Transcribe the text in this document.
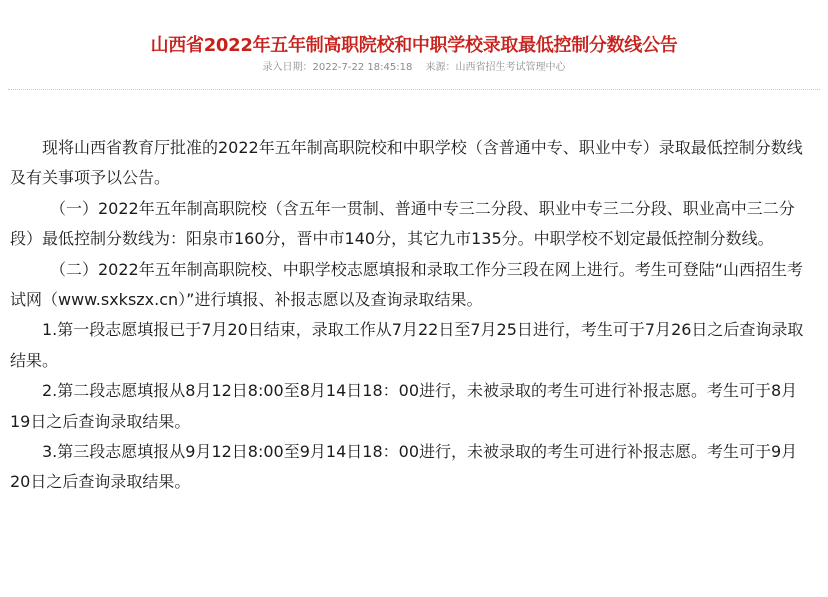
山西省2022年五年制高职院校和中职学校录取最低控制分数线公告
录入日期：2022-7-22 18:45:18 来源：山西省招生考试管理中心

现将山西省教育厅批准的2022年五年制高职院校和中职学校（含普通中专、职业中专）录取最低控制分数线及有关事项予以公告。

（一）2022年五年制高职院校（含五年一贯制、普通中专三二分段、职业中专三二分段、职业高中三二分段）最低控制分数线为：阳泉市160分，晋中市140分，其它九市135分。中职学校不划定最低控制分数线。

（二）2022年五年制高职院校、中职学校志愿填报和录取工作分三段在网上进行。考生可登陆“山西招生考试网（www.sxkszx.cn）”进行填报、补报志愿以及查询录取结果。

1.第一段志愿填报已于7月20日结束，录取工作从7月22日至7月25日进行，考生可于7月26日之后查询录取结果。

2.第二段志愿填报从8月12日8:00至8月14日18：00进行，未被录取的考生可进行补报志愿。考生可于8月19日之后查询录取结果。

3.第三段志愿填报从9月12日8:00至9月14日18：00进行，未被录取的考生可进行补报志愿。考生可于9月20日之后查询录取结果。
